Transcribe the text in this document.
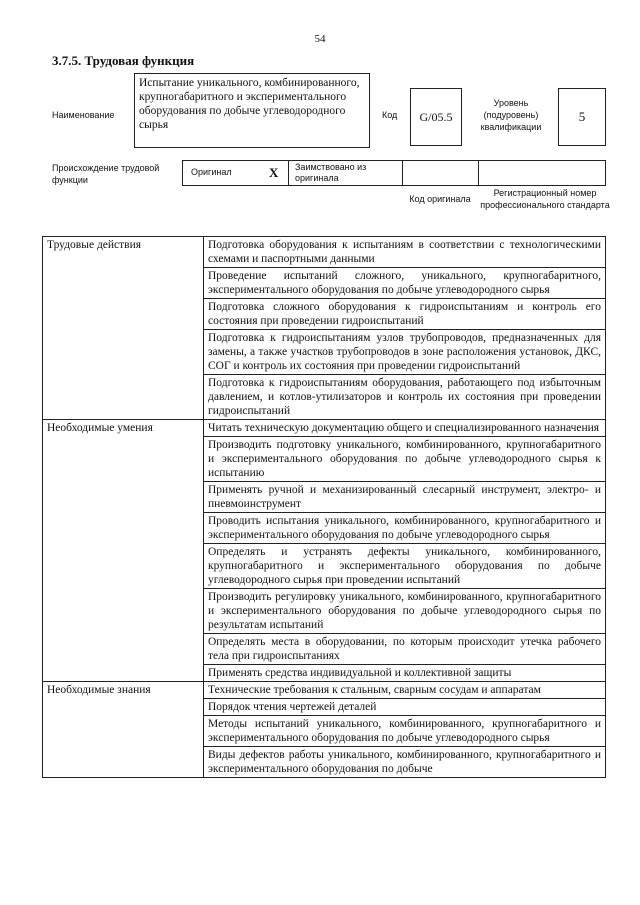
54
3.7.5. Трудовая функция
Наименование
Испытание уникального, комбинированного, крупногабаритного и экспериментального оборудования по добыче углеводородного сырья
Код	G/05.5
Уровень (подуровень) квалификации
5
Происхождение трудовой функции
Оригинал	X Заимствовано из оригинала
Код оригинала
Регистрационный номер профессионального стандарта
Трудовые действия	Подготовка оборудования к испытаниям в соответствии с технологическими схемами и паспортными данными
	Проведение испытаний сложного, уникального, крупногабаритного, экспериментального оборудования по добыче углеводородного сырья
	Подготовка сложного оборудования к гидроиспытаниям и контроль его состояния при проведении гидроиспытаний
	Подготовка к гидроиспытаниям узлов трубопроводов, предназначенных для замены, а также участков трубопроводов в зоне расположения установок, ДКС, СОГ и контроль их состояния при проведении гидроиспытаний
	Подготовка к гидроиспытаниям оборудования, работающего под избыточным давлением, и котлов-утилизаторов и контроль их состояния при проведении гидроиспытаний
Необходимые умения	Читать техническую документацию общего и специализированного назначения
	Производить подготовку уникального, комбинированного, крупногабаритного и экспериментального оборудования по добыче углеводородного сырья к испытанию
	Применять ручной и механизированный слесарный инструмент, электро- и пневмоинструмент
	Проводить испытания уникального, комбинированного, крупногабаритного и экспериментального оборудования по добыче углеводородного сырья
	Определять и устранять дефекты уникального, комбинированного, крупногабаритного и экспериментального оборудования по добыче углеводородного сырья при проведении испытаний
	Производить регулировку уникального, комбинированного, крупногабаритного и экспериментального оборудования по добыче углеводородного сырья по результатам испытаний
	Определять места в оборудовании, по которым происходит утечка рабочего тела при гидроиспытаниях
	Применять средства индивидуальной и коллективной защиты
Необходимые знания	Технические требования к стальным, сварным сосудам и аппаратам
	Порядок чтения чертежей деталей
	Методы испытаний уникального, комбинированного, крупногабаритного и экспериментального оборудования по добыче углеводородного сырья
	Виды дефектов работы уникального, комбинированного, крупногабаритного и экспериментального оборудования по добыче
